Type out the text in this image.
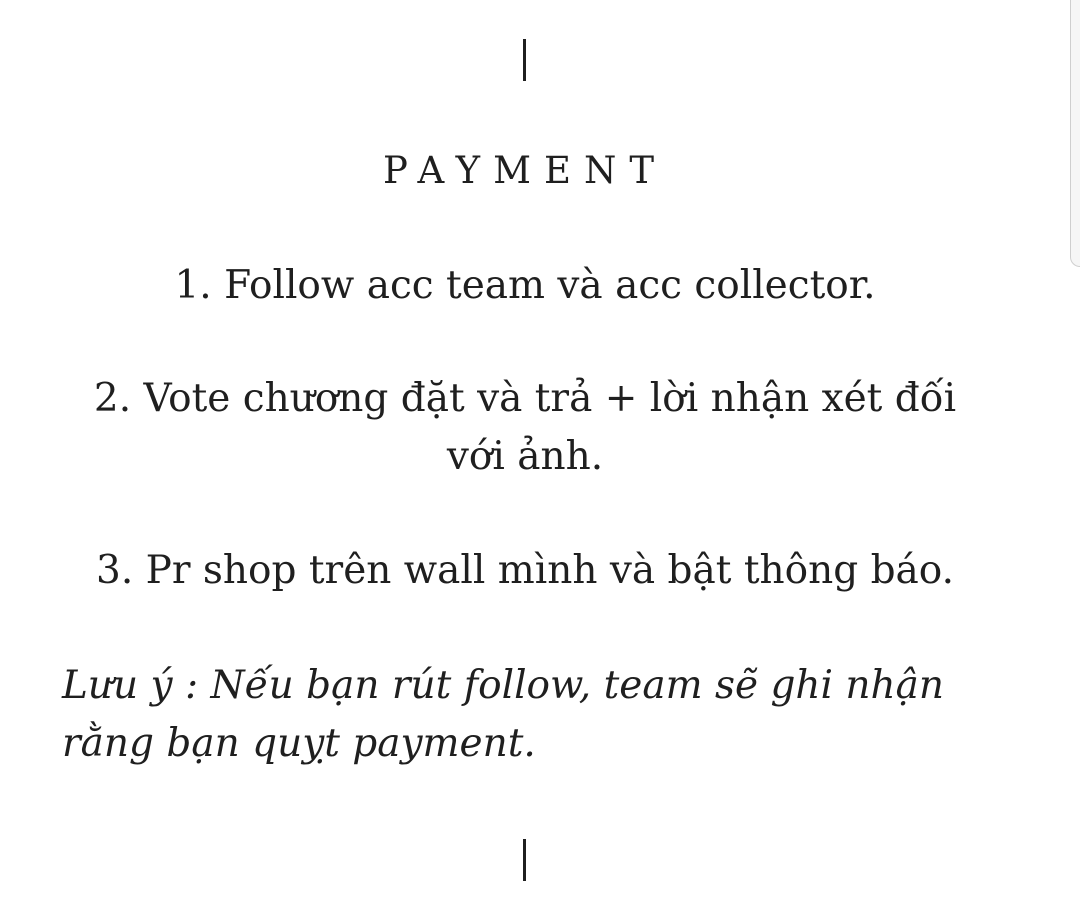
PAYMENT

1. Follow acc team và acc collector.

2. Vote chương đặt và trả + lời nhận xét đối với ảnh.

3. Pr shop trên wall mình và bật thông báo.

Lưu ý : Nếu bạn rút follow, team sẽ ghi nhận rằng bạn quỵt payment.
